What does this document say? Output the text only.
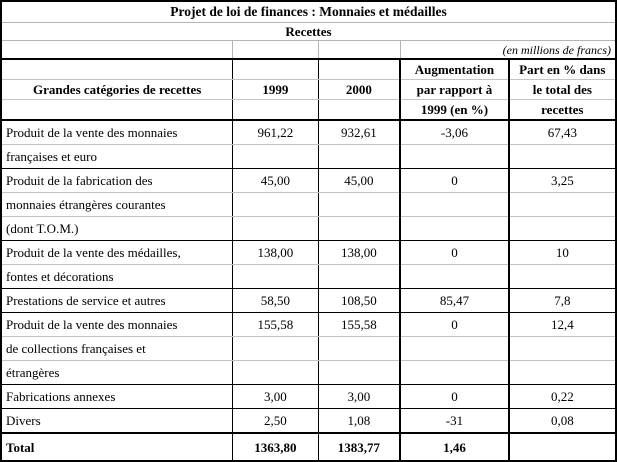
Projet de loi de finances : Monnaies et médailles				
Recettes				
			(en millions de francs)	
			Augmentation	Part en % dans
Grandes catégories de recettes	1999	2000	par rapport à	le total des
			1999 (en %)	recettes
Produit de la vente des monnaies	961,22	932,61	-3,06	67,43
françaises et euro				
Produit de la fabrication des	45,00	45,00	0	3,25
monnaies étrangères courantes				
(dont T.O.M.)				
Produit de la vente des médailles,	138,00	138,00	0	10
fontes et décorations				
Prestations de service et autres	58,50	108,50	85,47	7,8
Produit de la vente des monnaies	155,58	155,58	0	12,4
de collections françaises et				
étrangères				
Fabrications annexes	3,00	3,00	0	0,22
Divers	2,50	1,08	-31	0,08
Total	1363,80	1383,77	1,46	
